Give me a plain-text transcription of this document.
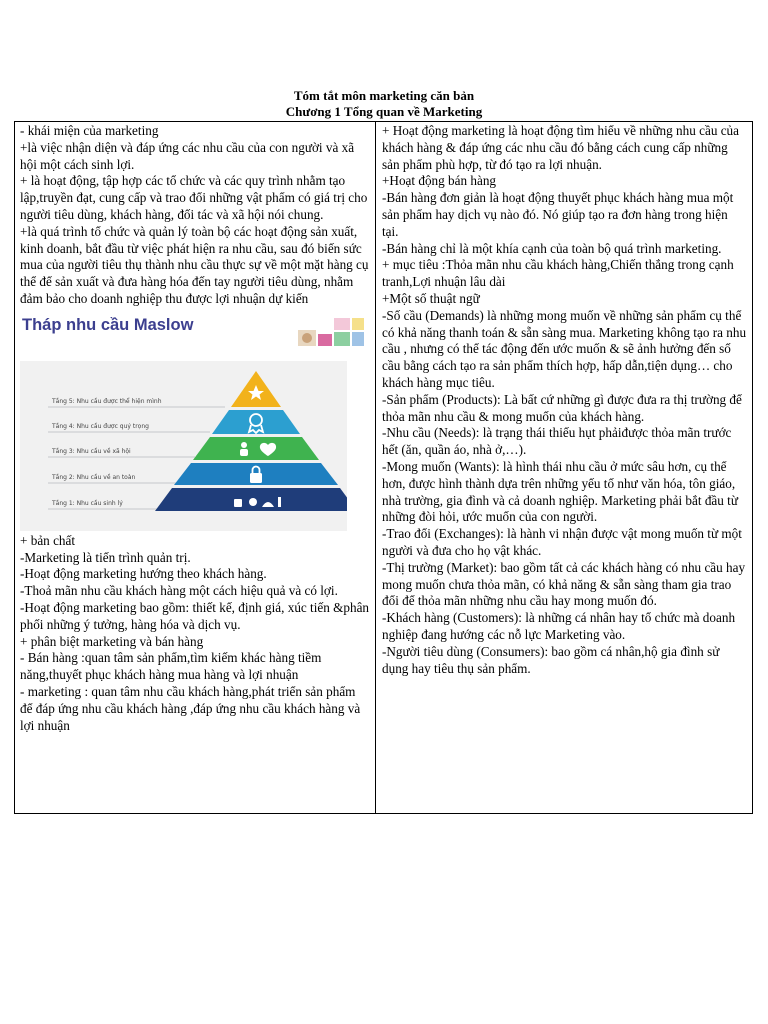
Tóm tắt môn marketing căn bản
Chương 1 Tổng quan về Marketing

- khái miện của marketing

+là việc nhận diện và đáp ứng các nhu cầu của con người và xã hội một cách sinh lợi.

+ là hoạt động, tập hợp các tổ chức và các quy trình nhằm tạo lập,truyền đạt, cung cấp và trao đổi những vật phẩm có giá trị cho người tiêu dùng, khách hàng, đối tác và xã hội nói chung.

+là quá trình tổ chức và quản lý toàn bộ các hoạt động sản xuất, kinh doanh, bắt đầu từ việc phát hiện ra nhu cầu, sau đó biến sức mua của người tiêu thụ thành nhu cầu thực sự về một mặt hàng cụ thể để sản xuất và đưa hàng hóa đến tay người tiêu dùng, nhằm đảm bảo cho doanh nghiệp thu được lợi nhuận dự kiến

Tháp nhu cầu Maslow
Tầng 5: Nhu cầu được thể hiện mình
Tầng 4: Nhu cầu được quý trọng
Tầng 3: Nhu cầu về xã hội
Tầng 2: Nhu cầu về an toàn
Tầng 1: Nhu cầu sinh lý

+ bản chất

-Marketing là tiến trình quản trị.

-Hoạt động marketing hướng theo khách hàng.

-Thoả mãn nhu cầu khách hàng một cách hiệu quả và có lợi.

-Hoạt động marketing bao gồm: thiết kế, định giá, xúc tiến &phân phối những ý tưởng, hàng hóa và dịch vụ.

+ phân biệt marketing và bán hàng

- Bán hàng :quan tâm sản phẩm,tìm kiếm khác hàng tiềm năng,thuyết phục khách hàng mua hàng và lợi nhuận

- marketing : quan tâm nhu cầu khách hàng,phát triển sản phẩm để đáp ứng nhu cầu khách hàng ,đáp ứng nhu cầu khách hàng và lợi nhuận

+ Hoạt động marketing là hoạt động tìm hiểu về những nhu cầu của khách hàng & đáp ứng các nhu cầu đó bằng cách cung cấp những sản phẩm phù hợp, từ đó tạo ra lợi nhuận.

+Hoạt động bán hàng

-Bán hàng đơn giản là hoạt động thuyết phục khách hàng mua một sản phẩm hay dịch vụ nào đó. Nó giúp tạo ra đơn hàng trong hiện tại.

-Bán hàng chỉ là một khía cạnh của toàn bộ quá trình marketing.

+ mục tiêu :Thỏa mãn nhu cầu khách hàng,Chiến thắng trong cạnh tranh,Lợi nhuận lâu dài

+Một số thuật ngữ

-Số cầu (Demands) là những mong muốn về những sản phẩm cụ thể có khả năng thanh toán & sẵn sàng mua. Marketing không tạo ra nhu cầu , nhưng có thể tác động đến ước muốn & sẽ ảnh hưởng đến số cầu bằng cách tạo ra sản phẩm thích hợp, hấp dẫn,tiện dụng… cho khách hàng mục tiêu.

-Sản phẩm (Products): Là bất cứ những gì được đưa ra thị trường để thỏa mãn nhu cầu & mong muốn của khách hàng.

-Nhu cầu (Needs): là trạng thái thiếu hụt phảiđược thỏa mãn trước hết (ăn, quần áo, nhà ở,…).

-Mong muốn (Wants): là hình thái nhu cầu ở mức sâu hơn, cụ thể hơn, được hình thành dựa trên những yếu tố như văn hóa, tôn giáo, nhà trường, gia đình và cả doanh nghiệp. Marketing phải bắt đầu từ những đòi hỏi, ước muốn của con người.

-Trao đổi (Exchanges): là hành vi nhận được vật mong muốn từ một người và đưa cho họ vật khác.

-Thị trường (Market): bao gồm tất cả các khách hàng có nhu cầu hay mong muốn chưa thỏa mãn, có khả năng & sẵn sàng tham gia trao đổi để thỏa mãn những nhu cầu hay mong muốn đó.

-Khách hàng (Customers): là những cá nhân hay tổ chức mà doanh nghiệp đang hướng các nỗ lực Marketing vào.

-Người tiêu dùng (Consumers): bao gồm cá nhân,hộ gia đình sử dụng hay tiêu thụ sản phẩm.
